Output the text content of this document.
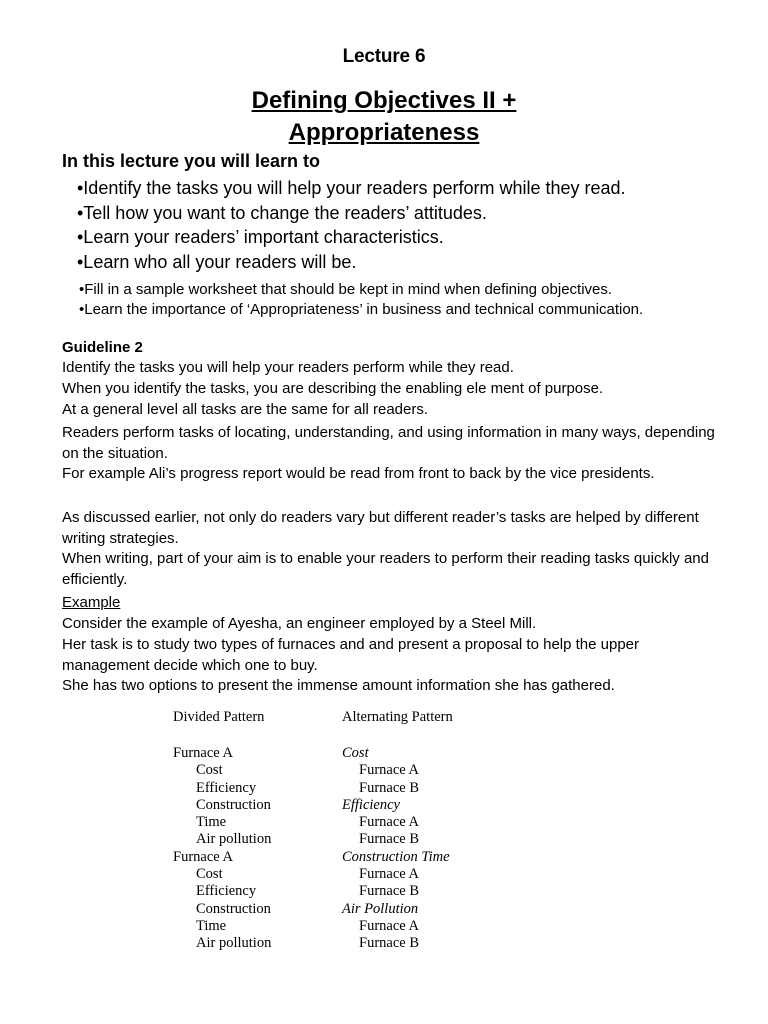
Lecture 6
Defining Objectives II +
Appropriateness
In this lecture you will learn to
•Identify the tasks you will help your readers perform while they read.
•Tell how you want to change the readers’ attitudes.
•Learn your readers’ important characteristics.
•Learn who all your readers will be.
•Fill in a sample worksheet that should be kept in mind when defining objectives.
•Learn the importance of ‘Appropriateness’ in business and technical communication.
Guideline 2

Identify the tasks you will help your readers perform while they read.

When you identify the tasks, you are describing the enabling ele ment of purpose.

At a general level all tasks are the same for all readers.

Readers perform tasks of locating, understanding, and using information in many ways, depending on the situation.

For example Ali’s progress report would be read from front to back by the vice presidents.

As discussed earlier, not only do readers vary but different reader’s tasks are helped by different writing strategies.

When writing, part of your aim is to enable your readers to perform their reading tasks quickly and efficiently.

Example

Consider the example of Ayesha, an engineer employed by a Steel Mill.

Her task is to study two types of furnaces and and present a proposal to help the upper management decide which one to buy.

She has two options to present the immense amount information she has gathered.

Divided Pattern
Furnace A
Cost
Efficiency
Construction
Time
Air pollution
Furnace A
Cost
Efficiency
Construction
Time
Air pollution
Alternating Pattern
Cost
Furnace A
Furnace B
Efficiency
Furnace A
Furnace B
Construction Time
Furnace A
Furnace B
Air Pollution
Furnace A
Furnace B
